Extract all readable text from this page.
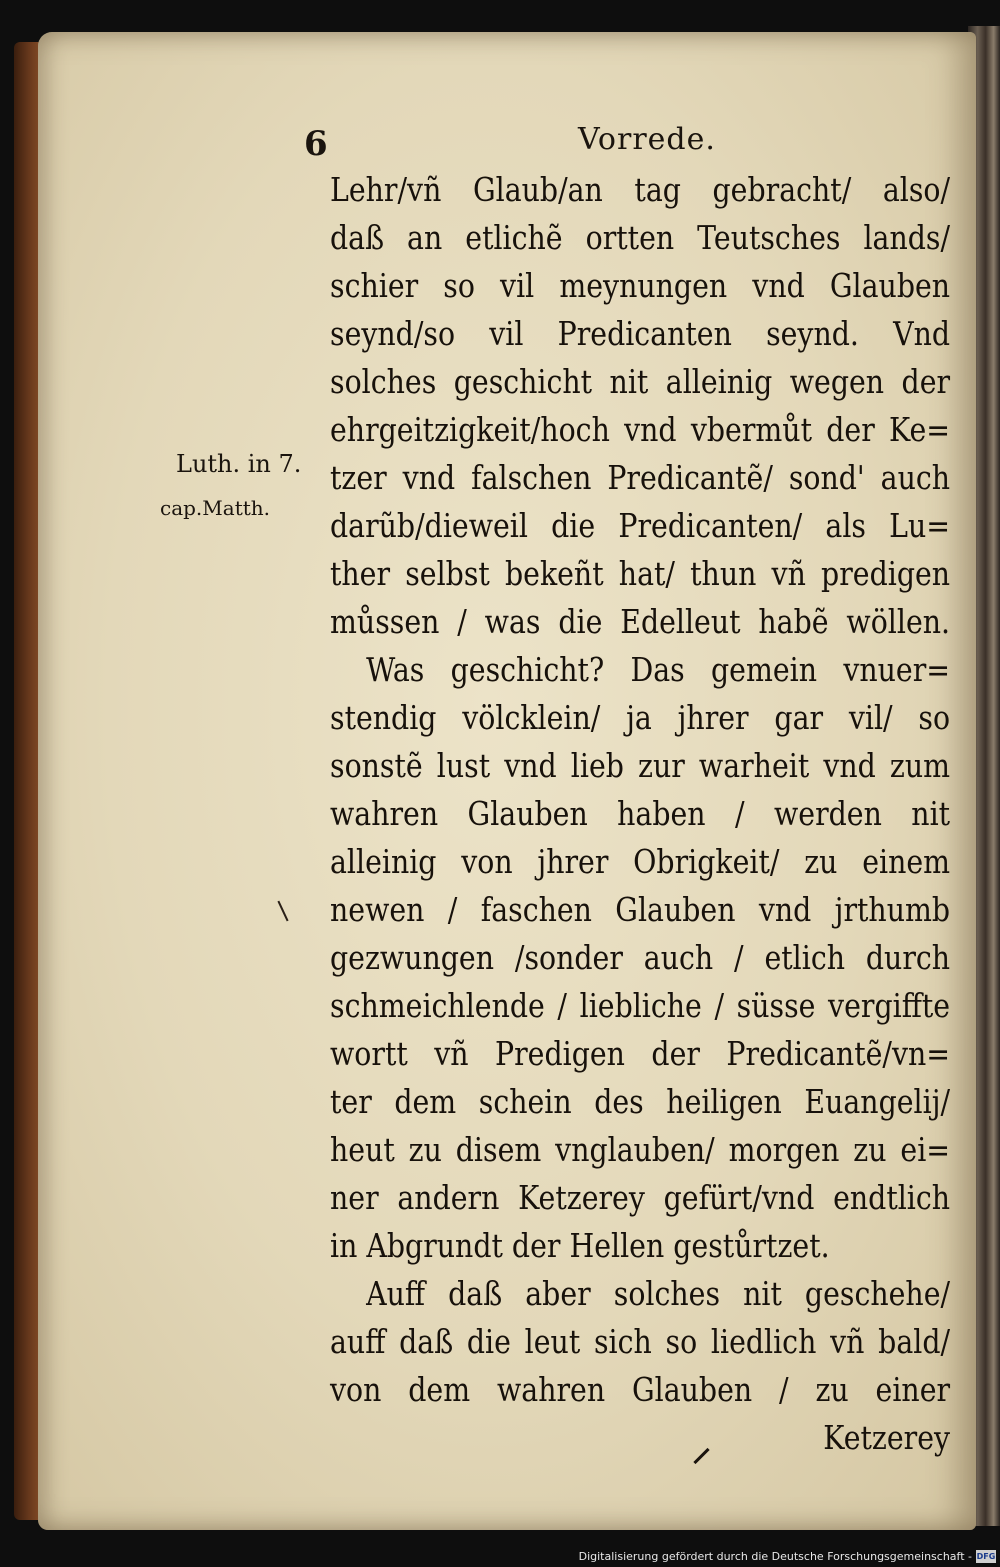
6	Vorrede.
Luth. in 7.
cap.Matth.
Lehr/vñ Glaub/an tag gebracht/ also/
daß an etlichẽ ortten Teutsches lands/
schier so vil meynungen vnd Glauben
seynd/so vil Predicanten seynd. Vnd
solches geschicht nit alleinig wegen der
ehrgeitzigkeit/hoch vnd vbermůt der Ke=
tzer vnd falschen Predicantẽ/ sond' auch
darũb/dieweil die Predicanten/ als Lu=
ther selbst bekeñt hat/ thun vñ predigen
můssen / was die Edelleut habẽ wöllen.
Was geschicht? Das gemein vnuer=
stendig völcklein/ ja jhrer gar vil/ so
sonstẽ lust vnd lieb zur warheit vnd zum
wahren Glauben haben / werden nit
alleinig von jhrer Obrigkeit/ zu einem
newen / faschen Glauben vnd jrthumb
gezwungen /sonder auch / etlich durch
schmeichlende / liebliche / süsse vergiffte
wortt vñ Predigen der Predicantẽ/vn=
ter dem schein des heiligen Euangelij/
heut zu disem vnglauben/ morgen zu ei=
ner andern Ketzerey gefürt/vnd endtlich
in Abgrundt der Hellen gestůrtzet.
Auff daß aber solches nit geschehe/
auff daß die leut sich so liedlich vñ bald/
von dem wahren Glauben / zu einer
Ketzerey
Digitalisierung gefördert durch die Deutsche Forschungsgemeinschaft - DFG
